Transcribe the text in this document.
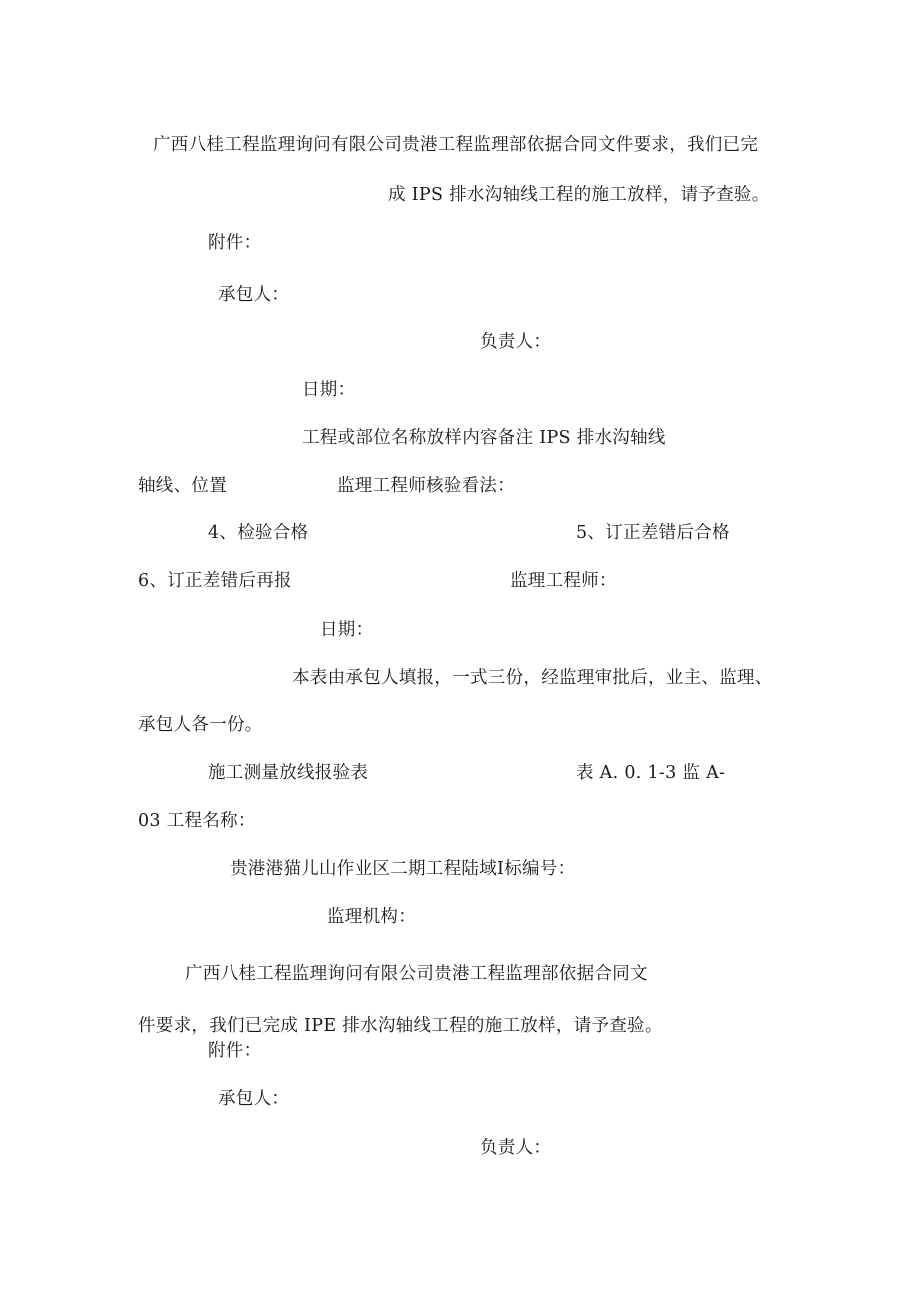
广西八桂工程监理询问有限公司贵港工程监理部依据合同文件要求，我们已完
成 IPS 排水沟轴线工程的施工放样，请予查验。
附件：
承包人：
负责人：
日期：
工程或部位名称放样内容备注 IPS 排水沟轴线
轴线、位置	监理工程师核验看法：
4、检验合格	5、订正差错后合格
6、订正差错后再报	监理工程师：
日期：
本表由承包人填报，一式三份，经监理审批后，业主、监理、
承包人各一份。
施工测量放线报验表	表 A. 0. 1-3 监 A-
03 工程名称：
贵港港猫儿山作业区二期工程陆域Ⅰ标编号：
监理机构：
广西八桂工程监理询问有限公司贵港工程监理部依据合同文
件要求，我们已完成 IPE 排水沟轴线工程的施工放样，请予查验。
附件：
承包人：
负责人：
